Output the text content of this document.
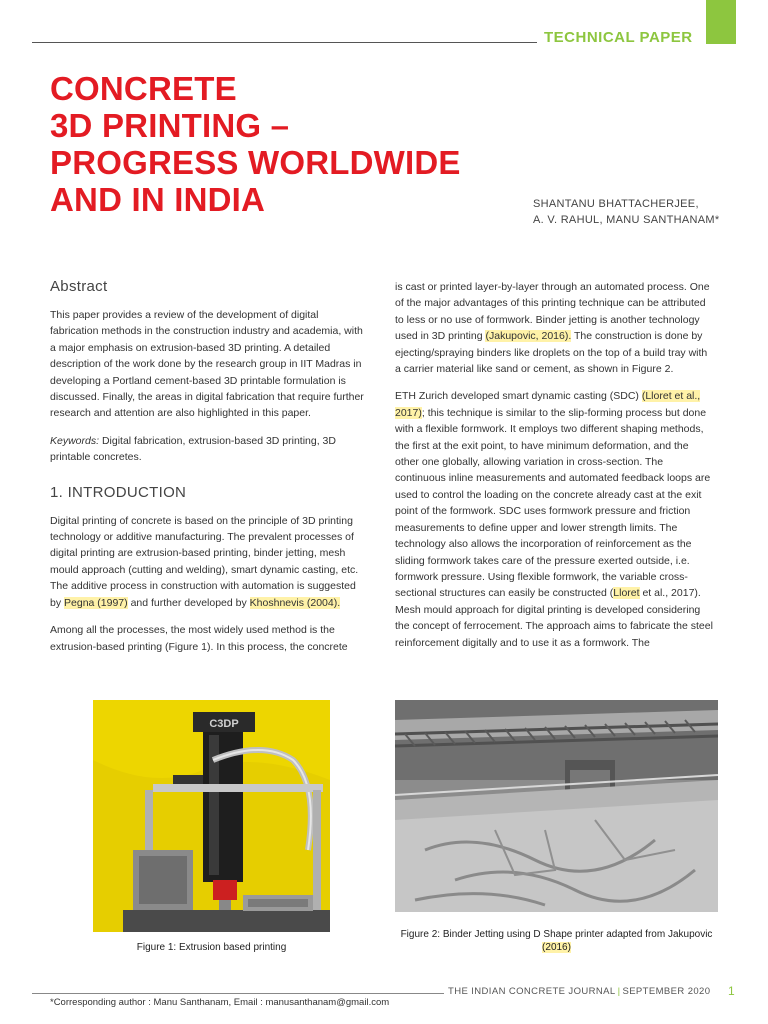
TECHNICAL PAPER
CONCRETE
3D PRINTING –
PROGRESS WORLDWIDE
AND IN INDIA	SHANTANU BHATTACHERJEE,
A. V. RAHUL, MANU SANTHANAM*
Abstract

This paper provides a review of the development of digital fabrication methods in the construction industry and academia, with a major emphasis on extrusion-based 3D printing. A detailed description of the work done by the research group in IIT Madras in developing a Portland cement-based 3D printable formulation is discussed. Finally, the areas in digital fabrication that require further research and attention are also highlighted in this paper.

Keywords: Digital fabrication, extrusion-based 3D printing, 3D printable concretes.

1. INTRODUCTION

Digital printing of concrete is based on the principle of 3D printing technology or additive manufacturing. The prevalent processes of digital printing are extrusion-based printing, binder jetting, mesh mould approach (cutting and welding), smart dynamic casting, etc. The additive process in construction with automation is suggested by Pegna (1997) and further developed by Khoshnevis (2004).

Among all the processes, the most widely used method is the extrusion-based printing (Figure 1). In this process, the concrete

is cast or printed layer-by-layer through an automated process. One of the major advantages of this printing technique can be attributed to less or no use of formwork. Binder jetting is another technology used in 3D printing (Jakupovic, 2016). The construction is done by ejecting/spraying binders like droplets on the top of a build tray with a carrier material like sand or cement, as shown in Figure 2.

ETH Zurich developed smart dynamic casting (SDC) (Lloret et al., 2017); this technique is similar to the slip-forming process but done with a flexible formwork. It employs two different shaping methods, the first at the exit point, to have minimum deformation, and the other one globally, allowing variation in cross-section. The continuous inline measurements and automated feedback loops are used to control the loading on the concrete already cast at the exit point of the formwork. SDC uses formwork pressure and friction measurements to define upper and lower strength limits. The technology also allows the incorporation of reinforcement as the sliding formwork takes care of the pressure exerted outside, i.e. formwork pressure. Using flexible formwork, the variable cross-sectional structures can easily be constructed (Lloret et al., 2017). Mesh mould approach for digital printing is developed considering the concept of ferrocement. The approach aims to fabricate the steel reinforcement digitally and to use it as a formwork. The

C3DP
Figure 1: Extrusion based printing
Figure 2: Binder Jetting using D Shape printer adapted from Jakupovic (2016)
THE INDIAN CONCRETE JOURNAL | SEPTEMBER 2020 1
*Corresponding author : Manu Santhanam, Email : manusanthanam@gmail.com
